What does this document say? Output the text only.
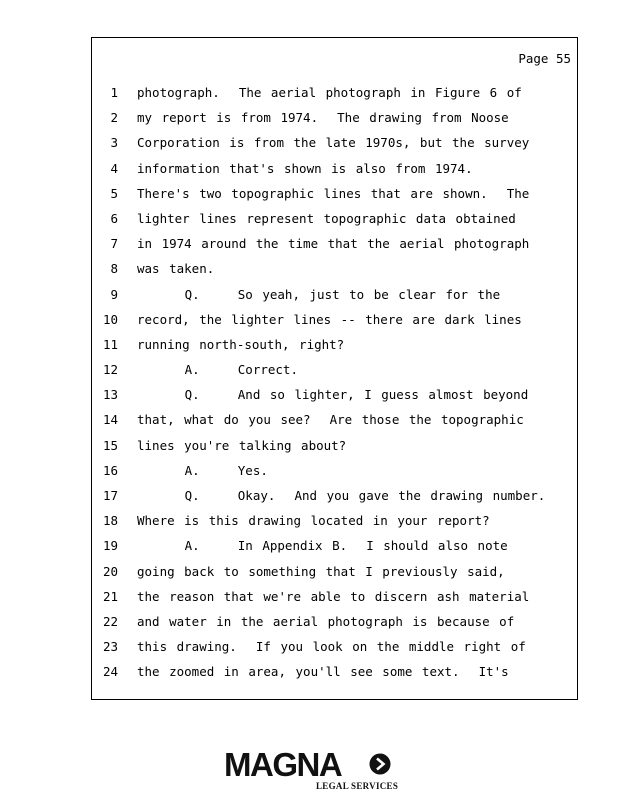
Page 55
1 photograph.  The aerial photograph in Figure 6 of
2 my report is from 1974.  The drawing from Noose
3 Corporation is from the late 1970s, but the survey
4 information that's shown is also from 1974.
5 There's two topographic lines that are shown.  The
6 lighter lines represent topographic data obtained
7 in 1974 around the time that the aerial photograph
8 was taken.
9 Q.    So yeah, just to be clear for the
10 record, the lighter lines -- there are dark lines
11 running north-south, right?
12 A.    Correct.
13 Q.    And so lighter, I guess almost beyond
14 that, what do you see?  Are those the topographic
15 lines you're talking about?
16 A.    Yes.
17 Q.    Okay.  And you gave the drawing number.
18 Where is this drawing located in your report?
19 A.    In Appendix B.  I should also note
20 going back to something that I previously said,
21 the reason that we're able to discern ash material
22 and water in the aerial photograph is because of
23 this drawing.  If you look on the middle right of
24 the zoomed in area, you'll see some text.  It's
MAGNA
LEGAL SERVICES
